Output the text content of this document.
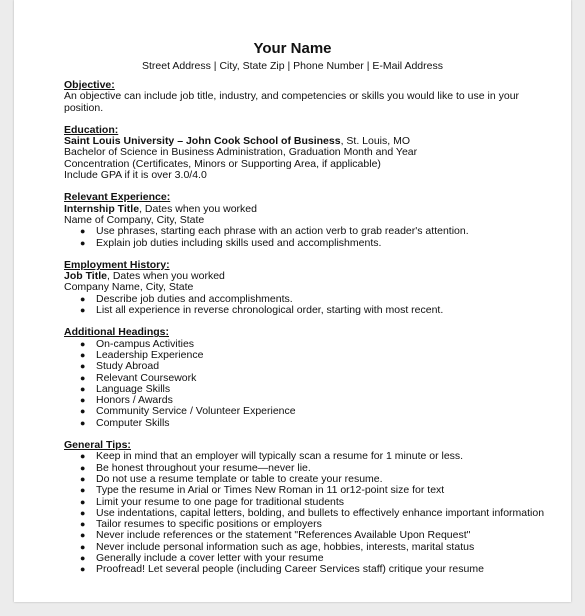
Your Name
Street Address | City, State Zip | Phone Number | E-Mail Address
Objective:
An objective can include job title, industry, and competencies or skills you would like to use in your position.
Education:
Saint Louis University – John Cook School of Business, St. Louis, MO
Bachelor of Science in Business Administration, Graduation Month and Year
Concentration (Certificates, Minors or Supporting Area, if applicable)
Include GPA if it is over 3.0/4.0
Relevant Experience:
Internship Title, Dates when you worked
Name of Company, City, State
● Use phrases, starting each phrase with an action verb to grab reader's attention.
● Explain job duties including skills used and accomplishments.
Employment History:
Job Title, Dates when you worked
Company Name, City, State
● Describe job duties and accomplishments.
● List all experience in reverse chronological order, starting with most recent.
Additional Headings:
● On-campus Activities
● Leadership Experience
● Study Abroad
● Relevant Coursework
● Language Skills
● Honors / Awards
● Community Service / Volunteer Experience
● Computer Skills
General Tips:
● Keep in mind that an employer will typically scan a resume for 1 minute or less.
● Be honest throughout your resume—never lie.
● Do not use a resume template or table to create your resume.
● Type the resume in Arial or Times New Roman in 11 or12-point size for text
● Limit your resume to one page for traditional students
● Use indentations, capital letters, bolding, and bullets to effectively enhance important information
● Tailor resumes to specific positions or employers
● Never include references or the statement "References Available Upon Request"
● Never include personal information such as age, hobbies, interests, marital status
● Generally include a cover letter with your resume
● Proofread! Let several people (including Career Services staff) critique your resume
